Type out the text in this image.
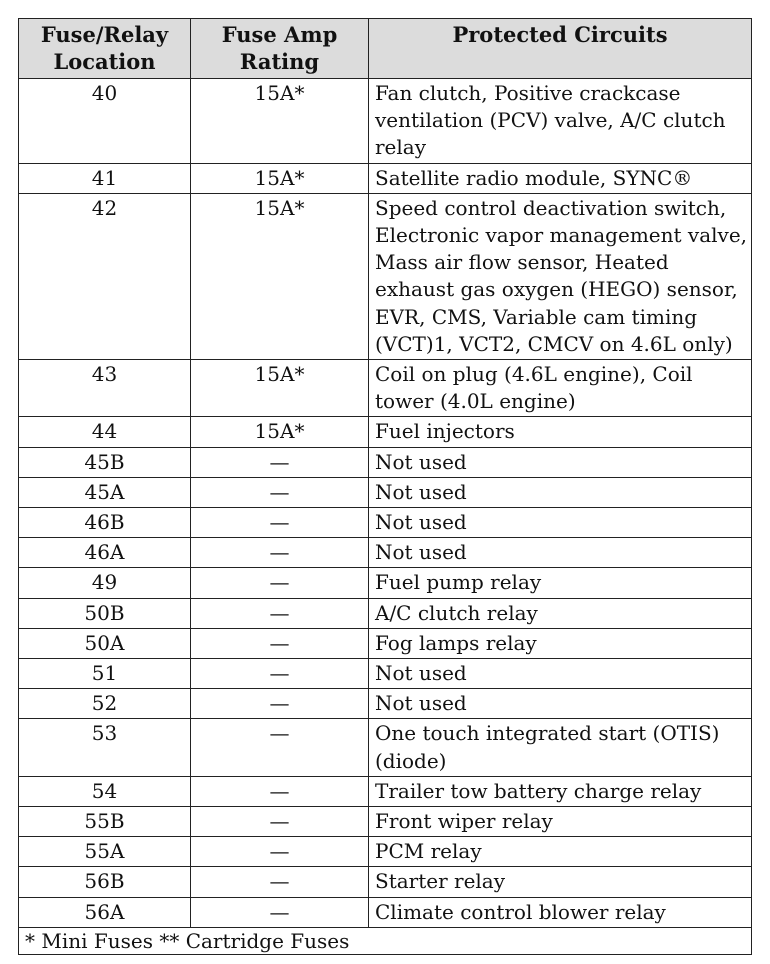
Fuse/Relay Location	Fuse Amp Rating	Protected Circuits
40	15A*	Fan clutch, Positive crackcase ventilation (PCV) valve, A/C clutch relay
41	15A*	Satellite radio module, SYNC®
42	15A*	Speed control deactivation switch, Electronic vapor management valve, Mass air flow sensor, Heated exhaust gas oxygen (HEGO) sensor, EVR, CMS, Variable cam timing (VCT)1, VCT2, CMCV on 4.6L only)
43	15A*	Coil on plug (4.6L engine), Coil tower (4.0L engine)
44	15A*	Fuel injectors
45B	—	Not used
45A	—	Not used
46B	—	Not used
46A	—	Not used
49	—	Fuel pump relay
50B	—	A/C clutch relay
50A	—	Fog lamps relay
51	—	Not used
52	—	Not used
53	—	One touch integrated start (OTIS) (diode)
54	—	Trailer tow battery charge relay
55B	—	Front wiper relay
55A	—	PCM relay
56B	—	Starter relay
56A	—	Climate control blower relay
* Mini Fuses ** Cartridge Fuses		
